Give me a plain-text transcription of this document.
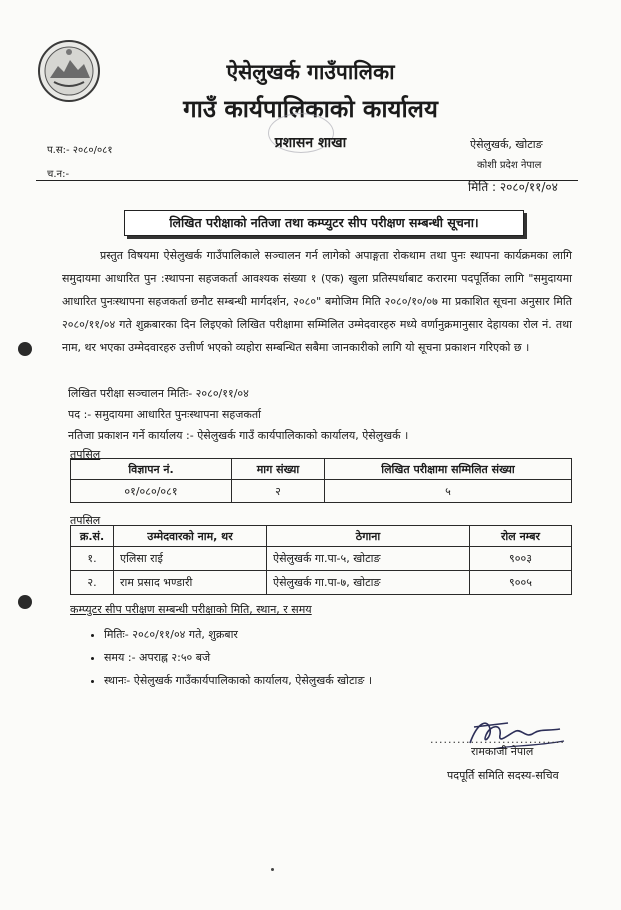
ऐसेलुखर्क गाउँपालिका
गाउँ कार्यपालिकाको कार्यालय
प्रशासन शाखा
प.स:- २०८०/०८१
च.न:-
ऐसेलुखर्क, खोटाङ
कोशी प्रदेश नेपाल
मिति : २०८०/११/०४
लिखित परीक्षाको नतिजा तथा कम्प्युटर सीप परीक्षण सम्बन्धी सूचना।
प्रस्तुत विषयमा ऐसेलुखर्क गाउँपालिकाले सञ्चालन गर्न लागेको अपाङ्गता रोकथाम तथा पुनः स्थापना कार्यक्रमका लागि समुदायमा आधारित पुन :स्थापना सहजकर्ता आवश्यक संख्या १ (एक) खुला प्रतिस्पर्धाबाट करारमा पदपूर्तिका लागि "समुदायमा आधारित पुनःस्थापना सहजकर्ता छनौट सम्बन्धी मार्गदर्शन, २०८०" बमोजिम मिति २०८०/१०/०७ मा प्रकाशित सूचना अनुसार मिति २०८०/११/०४ गते शुक्रबारका दिन लिइएको लिखित परीक्षामा सम्मिलित उम्मेदवारहरु मध्ये वर्णानुक्रमानुसार देहायका रोल नं. तथा नाम, थर भएका उम्मेदवारहरु उत्तीर्ण भएको व्यहोरा सम्बन्धित सबैमा जानकारीको लागि यो सूचना प्रकाशन गरिएको छ ।
लिखित परीक्षा सञ्चालन मितिः- २०८०/११/०४
पद :- समुदायमा आधारित पुनःस्थापना सहजकर्ता
नतिजा प्रकाशन गर्ने कार्यालय :- ऐसेलुखर्क गाउँ कार्यपालिकाको कार्यालय, ऐसेलुखर्क ।
तपसिल
विज्ञापन नं.	माग संख्या	लिखित परीक्षामा सम्मिलित संख्या
०१/०८०/०८१	२	५
तपसिल
क्र.सं.	उम्मेदवारको नाम, थर	ठेगाना	रोल नम्बर
१.	एलिसा राई	ऐसेलुखर्क गा.पा-५, खोटाङ	९००३
२.	राम प्रसाद भण्डारी	ऐसेलुखर्क गा.पा-७, खोटाङ	९००५
कम्प्युटर सीप परीक्षण सम्बन्धी परीक्षाको मिति, स्थान, र समय
• मितिः- २०८०/११/०४ गते, शुक्रबार
• समय :- अपराह्न २:५० बजे
• स्थानः- ऐसेलुखर्क गाउँकार्यपालिकाको कार्यालय, ऐसेलुखर्क खोटाङ ।
..............................
रामकाजी नेपाल
पदपूर्ति समिति सदस्य-सचिव
